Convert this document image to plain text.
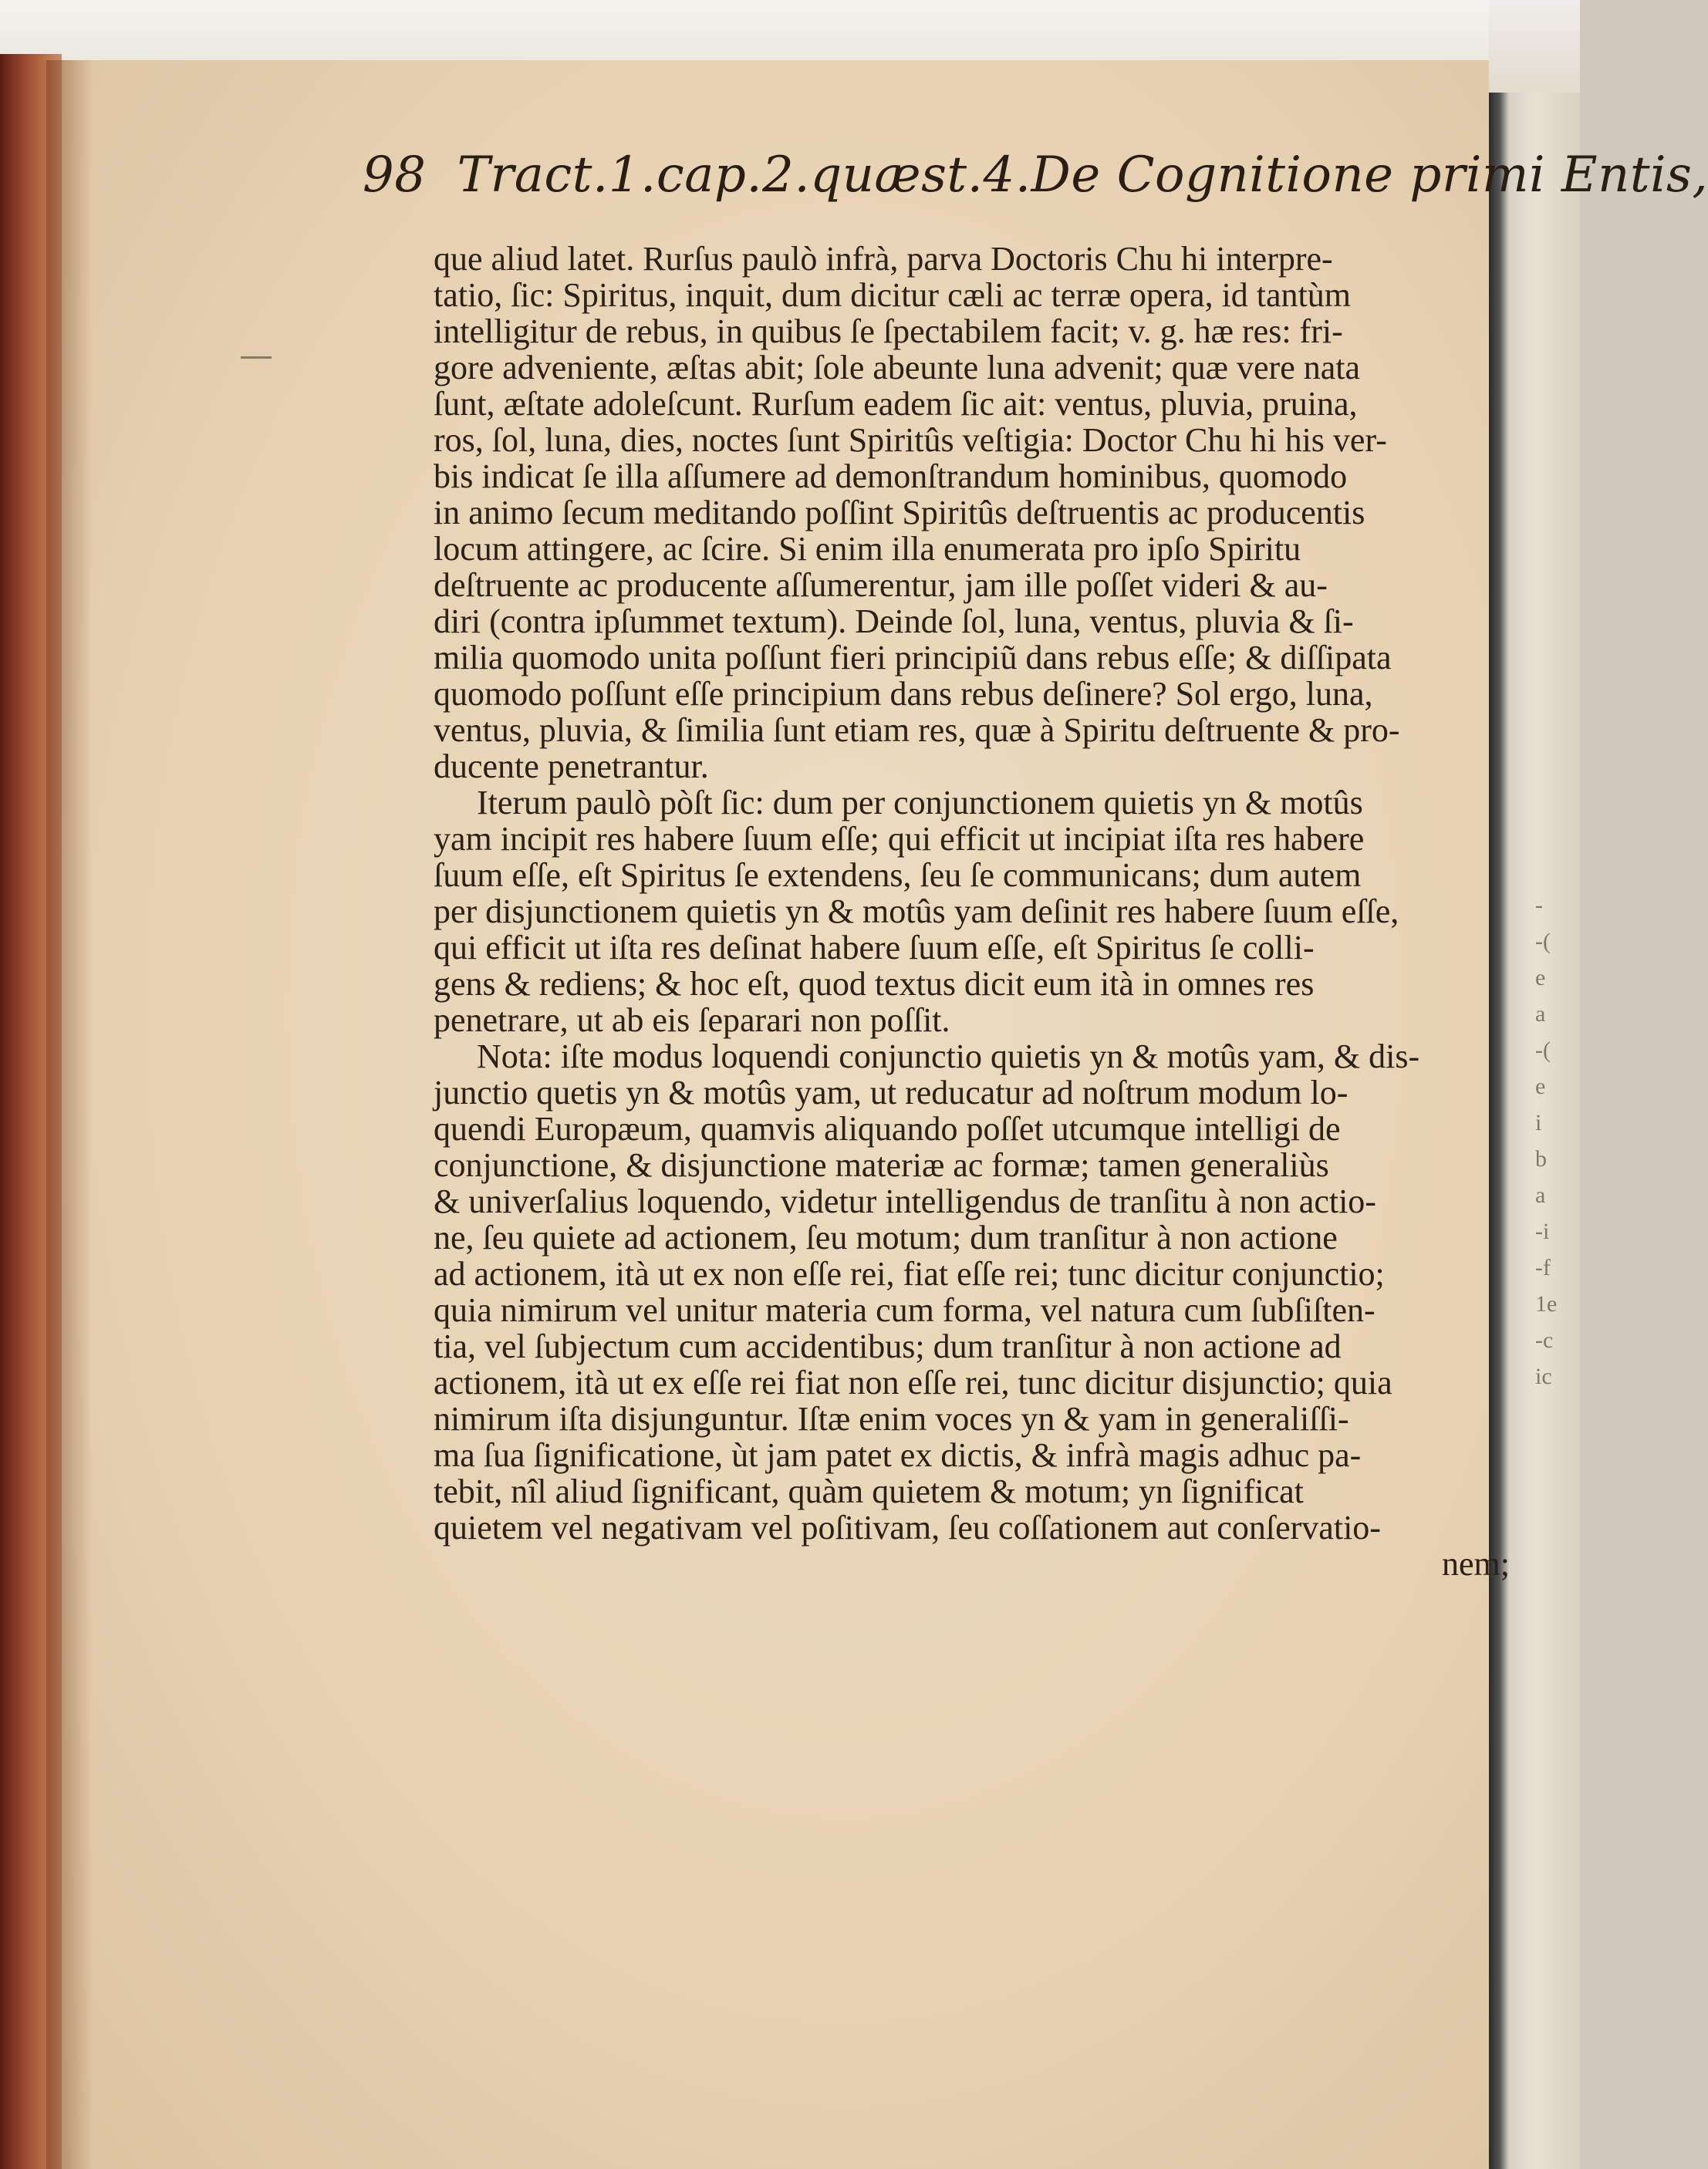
98 Tract.1.cap.2.quæst.4.De Cognitione primi Entis,
que aliud latet. Rurſus paulò infrà, parva Doctoris Chu hi interpre-
tatio, ſic: Spiritus, inquit, dum dicitur cæli ac terræ opera, id tantùm
intelligitur de rebus, in quibus ſe ſpectabilem facit; v. g. hæ res: fri-
gore adveniente, æſtas abit; ſole abeunte luna advenit; quæ vere nata
ſunt, æſtate adoleſcunt. Rurſum eadem ſic ait: ventus, pluvia, pruina,
ros, ſol, luna, dies, noctes ſunt Spiritûs veſtigia: Doctor Chu hi his ver-
bis indicat ſe illa aſſumere ad demonſtrandum hominibus, quomodo
in animo ſecum meditando poſſint Spiritûs deſtruentis ac producentis
locum attingere, ac ſcire. Si enim illa enumerata pro ipſo Spiritu
deſtruente ac producente aſſumerentur, jam ille poſſet videri & au-
diri (contra ipſummet textum). Deinde ſol, luna, ventus, pluvia & ſi-
milia quomodo unita poſſunt fieri principiũ dans rebus eſſe; & diſſipata
quomodo poſſunt eſſe principium dans rebus deſinere? Sol ergo, luna,
ventus, pluvia, & ſimilia ſunt etiam res, quæ à Spiritu deſtruente & pro-
ducente penetrantur.
Iterum paulò pòſt ſic: dum per conjunctionem quietis yn & motûs
yam incipit res habere ſuum eſſe; qui efficit ut incipiat iſta res habere
ſuum eſſe, eſt Spiritus ſe extendens, ſeu ſe communicans; dum autem
per disjunctionem quietis yn & motûs yam deſinit res habere ſuum eſſe,
qui efficit ut iſta res deſinat habere ſuum eſſe, eſt Spiritus ſe colli-
gens & rediens; & hoc eſt, quod textus dicit eum ità in omnes res
penetrare, ut ab eis ſeparari non poſſit.
Nota: iſte modus loquendi conjunctio quietis yn & motûs yam, & dis-
junctio quetis yn & motûs yam, ut reducatur ad noſtrum modum lo-
quendi Europæum, quamvis aliquando poſſet utcumque intelligi de
conjunctione, & disjunctione materiæ ac formæ; tamen generaliùs
& univerſalius loquendo, videtur intelligendus de tranſitu à non actio-
ne, ſeu quiete ad actionem, ſeu motum; dum tranſitur à non actione
ad actionem, ità ut ex non eſſe rei, fiat eſſe rei; tunc dicitur conjunctio;
quia nimirum vel unitur materia cum forma, vel natura cum ſubſiſten-
tia, vel ſubjectum cum accidentibus; dum tranſitur à non actione ad
actionem, ità ut ex eſſe rei fiat non eſſe rei, tunc dicitur disjunctio; quia
nimirum iſta disjunguntur. Iſtæ enim voces yn & yam in generaliſſi-
ma ſua ſignificatione, ùt jam patet ex dictis, & infrà magis adhuc pa-
tebit, nîl aliud ſignificant, quàm quietem & motum; yn ſignificat
quietem vel negativam vel poſitivam, ſeu coſſationem aut conſervatio-
nem;
-
-(
e
a
-(
e
i
b
a
-i
-f
1e
-c
ic
